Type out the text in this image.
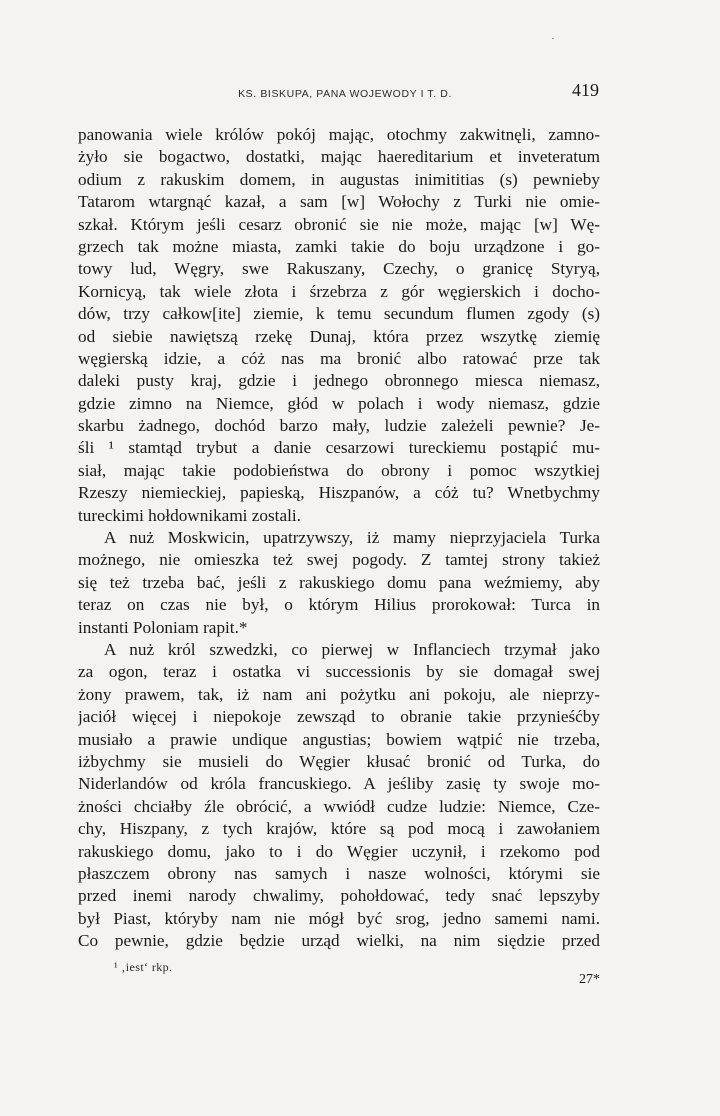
KS. BISKUPA, PANA WOJEWODY I T. D.	419
panowania wiele królów pokój mając, otochmy zakwitnęli, zamno-
żyło sie bogactwo, dostatki, mając haereditarium et inveteratum
odium z rakuskim domem, in augustas inimititias (s) pewnieby
Tatarom wtargnąć kazał, a sam [w] Wołochy z Turki nie omie-
szkał. Którym jeśli cesarz obronić sie nie może, mając [w] Wę-
grzech tak możne miasta, zamki takie do boju urządzone i go-
towy lud, Węgry, swe Rakuszany, Czechy, o granicę Styryą,
Kornicyą, tak wiele złota i śrzebrza z gór węgierskich i docho-
dów, trzy całkow[ite] ziemie, k temu secundum flumen zgody (s)
od siebie nawiętszą rzekę Dunaj, która przez wszytkę ziemię
węgierską idzie, a cóż nas ma bronić albo ratować prze tak
daleki pusty kraj, gdzie i jednego obronnego miesca niemasz,
gdzie zimno na Niemce, głód w polach i wody niemasz, gdzie
skarbu żadnego, dochód barzo mały, ludzie zależeli pewnie? Je-
śli ¹ stamtąd trybut a danie cesarzowi tureckiemu postąpić mu-
siał, mając takie podobieństwa do obrony i pomoc wszytkiej
Rzeszy niemieckiej, papieską, Hiszpanów, a cóż tu? Wnetbychmy
tureckimi hołdownikami zostali.
A nuż Moskwicin, upatrzywszy, iż mamy nieprzyjaciela Turka
możnego, nie omieszka też swej pogody. Z tamtej strony takież
się też trzeba bać, jeśli z rakuskiego domu pana weźmiemy, aby
teraz on czas nie był, o którym Hilius prorokował: Turca in
instanti Poloniam rapit.*
A nuż król szwedzki, co pierwej w Inflanciech trzymał jako
za ogon, teraz i ostatka vi successionis by sie domagał swej
żony prawem, tak, iż nam ani pożytku ani pokoju, ale nieprzy-
jaciół więcej i niepokoje zewsząd to obranie takie przynieśćby
musiało a prawie undique angustias; bowiem wątpić nie trzeba,
iżbychmy sie musieli do Węgier kłusać bronić od Turka, do
Niderlandów od króla francuskiego. A jeśliby zasię ty swoje mo-
żności chciałby źle obrócić, a wwiódł cudze ludzie: Niemce, Cze-
chy, Hiszpany, z tych krajów, które są pod mocą i zawołaniem
rakuskiego domu, jako to i do Węgier uczynił, i rzekomo pod
płaszczem obrony nas samych i nasze wolności, którymi sie
przed inemi narody chwalimy, pohołdować, tedy snać lepszyby
był Piast, któryby nam nie mógł być srog, jedno samemi nami.
Co pewnie, gdzie będzie urząd wielki, na nim siędzie przed
¹ ‚iest‘ rkp.
27*
